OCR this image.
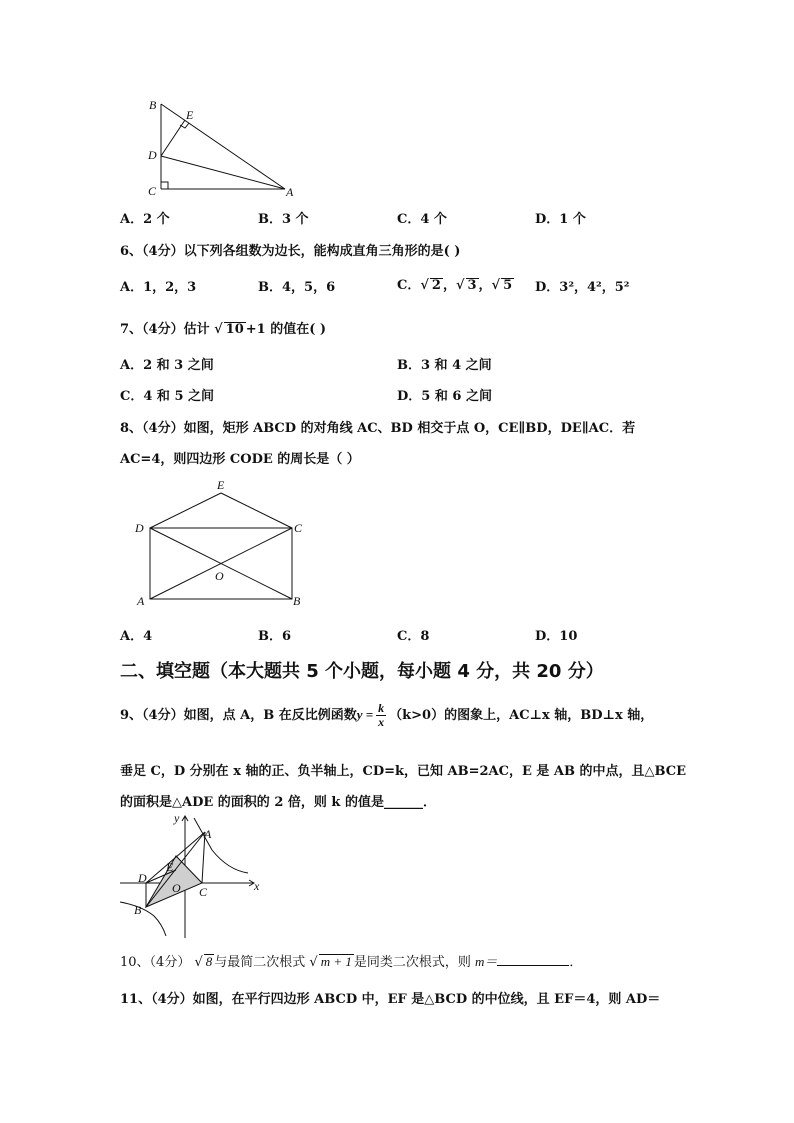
B
E
D
C	A
A．2 个	B．3 个	C．4 个	D．1 个
6、（4分）以下列各组数为边长，能构成直角三角形的是( )
A．1，2，3	B．4，5，6	C．√ 2 ，√ 3 ，√ 5 D．3²，4²，5²
7、（4分）估计 √ 10 +1 的值在( )
A．2 和 3 之间	B．3 和 4 之间
C．4 和 5 之间	D．5 和 6 之间
8、（4分）如图，矩形 ABCD 的对角线 AC、BD 相交于点 O，CE∥BD，DE∥AC．若
AC=4，则四边形 CODE 的周长是（ ）
E
D	C
O
A	B
A．4	B．6	C．8	D．10
二、填空题（本大题共 5 个小题，每小题 4 分，共 20 分）
9、（4分）如图，点 A，B 在反比例函数$y = \frac{k}{x} (k>0)$的图象上，AC⊥x 轴，BD⊥x 轴，
垂足 C，D 分别在 x 轴的正、负半轴上，CD=k，已知 AB=2AC，E 是 AB 的中点，且△BCE
的面积是△ADE 的面积的 2 倍，则 k 的值是______．
y
A
E
D
O C	x
B
10、（4分） √ 8 与最简二次根式 √ m + 1 是同类二次根式，则 m＝	．
11、（4分）如图，在平行四边形 ABCD 中，EF 是△BCD 的中位线，且 EF＝4，则 AD＝
